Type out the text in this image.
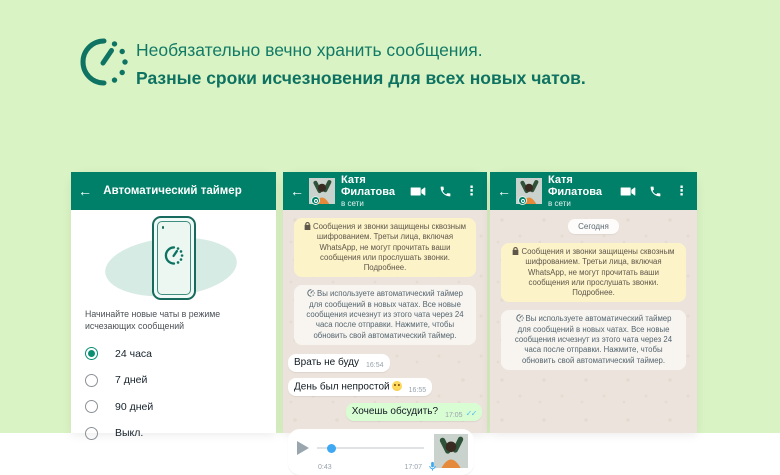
Необязательно вечно хранить сообщения.
Разные сроки исчезновения для всех новых чатов.
← Автоматический таймер
Начинайте новые чаты в режиме исчезающих сообщений
24 часа
7 дней
90 дней
Выкл.
←
Катя Филатова
в сети
⋮
Сообщения и звонки защищены сквозным шифрованием. Третьи лица, включая WhatsApp, не могут прочитать ваши сообщения или прослушать звонки. Подробнее.
Вы используете автоматический таймер для сообщений в новых чатах. Все новые сообщения исчезнут из этого чата через 24 часа после отправки. Нажмите, чтобы обновить свой автоматический таймер.
Врать не буду $_{16:54}$
День был непростой	$_{16:55}$
Хочешь обсудить? $_{17:05}$ $_{✓✓}$
0:43	17:07
←
Катя Филатова
в сети
⋮
Сегодня
Сообщения и звонки защищены сквозным шифрованием. Третьи лица, включая WhatsApp, не могут прочитать ваши сообщения или прослушать звонки. Подробнее.
Вы используете автоматический таймер для сообщений в новых чатах. Все новые сообщения исчезнут из этого чата через 24 часа после отправки. Нажмите, чтобы обновить свой автоматический таймер.
